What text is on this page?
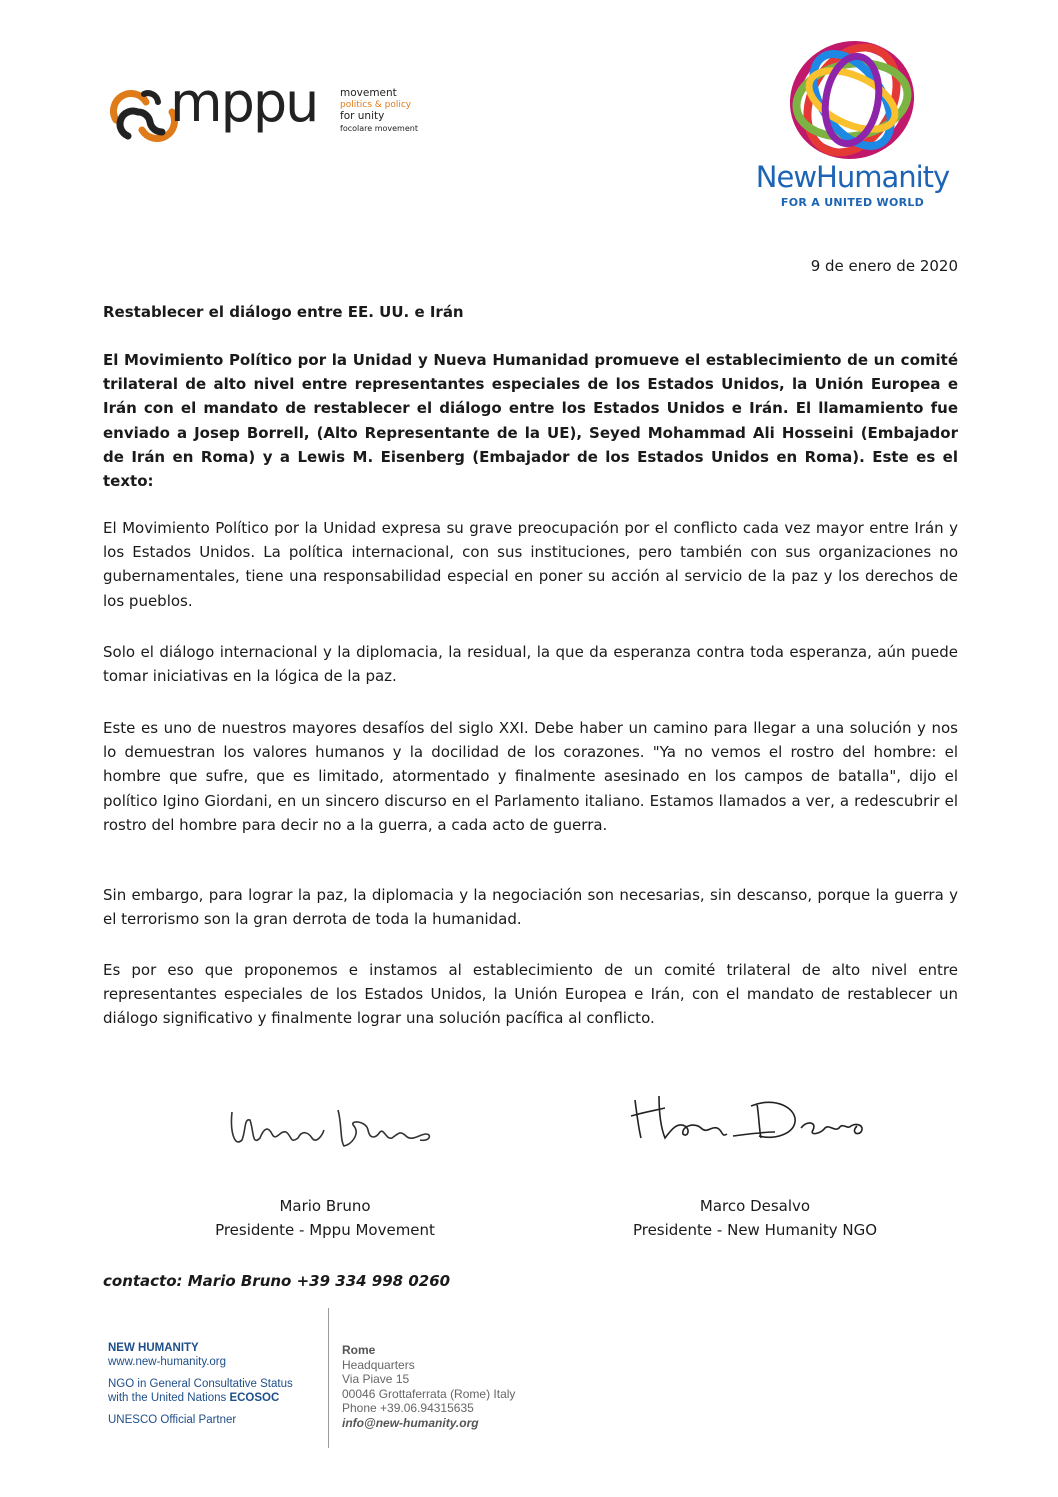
mppu movement
politics & policy
for unity
focolare movement
NewHumanity
FOR A UNITED WORLD
9 de enero de 2020
Restablecer el diálogo entre EE. UU. e Irán

El Movimiento Político por la Unidad y Nueva Humanidad promueve el establecimiento de un comité trilateral de alto nivel entre representantes especiales de los Estados Unidos, la Unión Europea e Irán con el mandato de restablecer el diálogo entre los Estados Unidos e Irán. El llamamiento fue enviado a Josep Borrell, (Alto Representante de la UE), Seyed Mohammad Ali Hosseini (Embajador de Irán en Roma) y a Lewis M. Eisenberg (Embajador de los Estados Unidos en Roma). Este es el texto:

El Movimiento Político por la Unidad expresa su grave preocupación por el conflicto cada vez mayor entre Irán y los Estados Unidos. La política internacional, con sus instituciones, pero también con sus organizaciones no gubernamentales, tiene una responsabilidad especial en poner su acción al servicio de la paz y los derechos de los pueblos.

Solo el diálogo internacional y la diplomacia, la residual, la que da esperanza contra toda esperanza, aún puede tomar iniciativas en la lógica de la paz.

Este es uno de nuestros mayores desafíos del siglo XXI. Debe haber un camino para llegar a una solución y nos lo demuestran los valores humanos y la docilidad de los corazones. "Ya no vemos el rostro del hombre: el hombre que sufre, que es limitado, atormentado y finalmente asesinado en los campos de batalla", dijo el político Igino Giordani, en un sincero discurso en el Parlamento italiano. Estamos llamados a ver, a redescubrir el rostro del hombre para decir no a la guerra, a cada acto de guerra.

Sin embargo, para lograr la paz, la diplomacia y la negociación son necesarias, sin descanso, porque la guerra y el terrorismo son la gran derrota de toda la humanidad.

Es por eso que proponemos e instamos al establecimiento de un comité trilateral de alto nivel entre representantes especiales de los Estados Unidos, la Unión Europea e Irán, con el mandato de restablecer un diálogo significativo y finalmente lograr una solución pacífica al conflicto.

Mario Bruno
Presidente - Mppu Movement
Marco Desalvo
Presidente - New Humanity NGO
contacto: Mario Bruno +39 334 998 0260
NEW HUMANITY
www.new-humanity.org
NGO in General Consultative Status
with the United Nations ECOSOC
UNESCO Official Partner
Rome
Headquarters
Via Piave 15
00046 Grottaferrata (Rome) Italy
Phone +39.06.94315635
info@new-humanity.org
